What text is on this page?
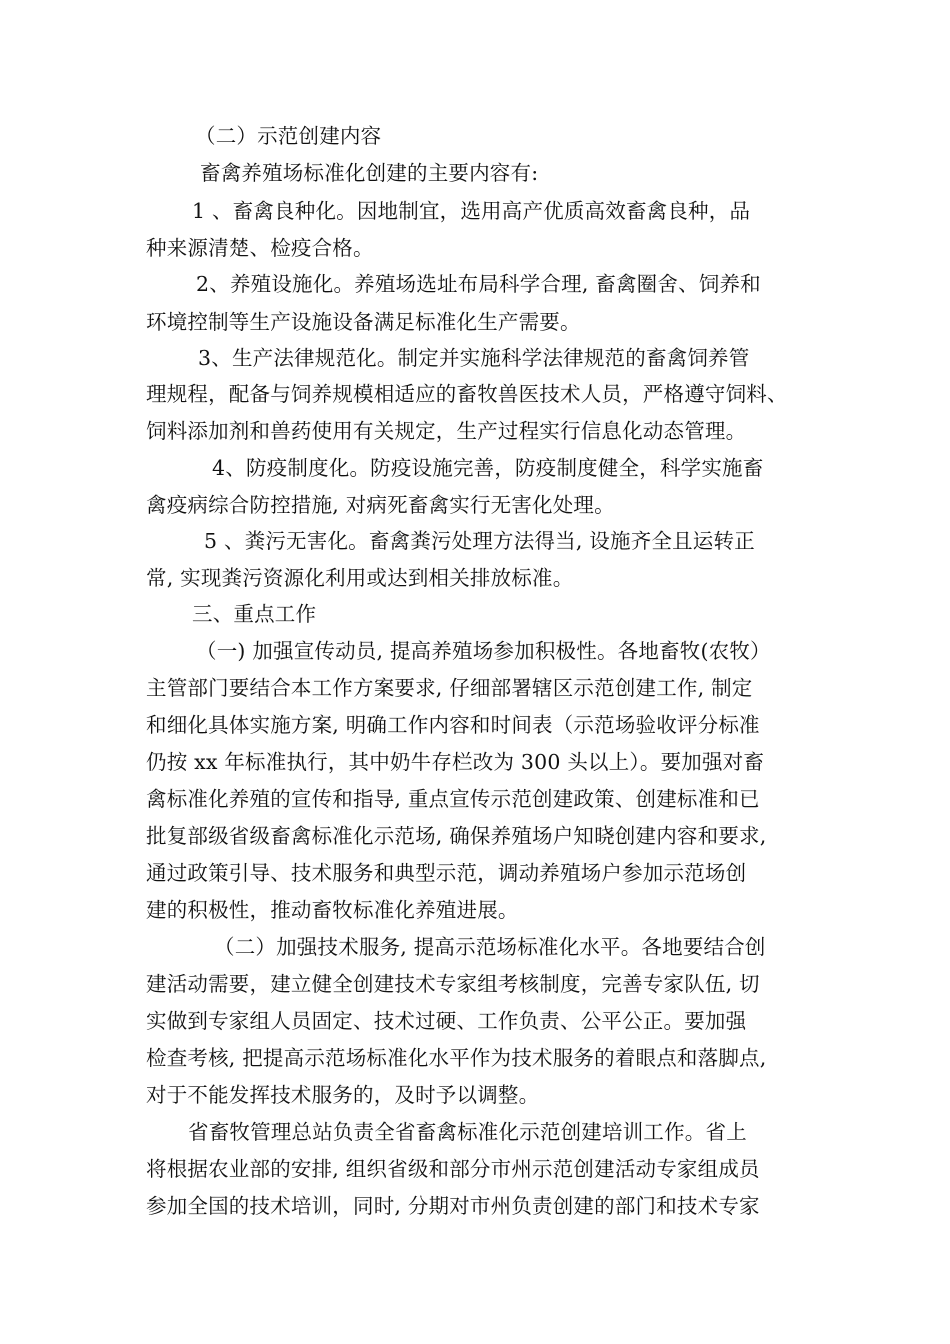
（二）示范创建内容
畜禽养殖场标准化创建的主要内容有:
1 、畜禽良种化。因地制宜，选用高产优质高效畜禽良种，品
种来源清楚、检疫合格。
2、养殖设施化。养殖场选址布局科学合理, 畜禽圈舍、饲养和
环境控制等生产设施设备满足标准化生产需要。
3、生产法律规范化。制定并实施科学法律规范的畜禽饲养管
理规程，配备与饲养规模相适应的畜牧兽医技术人员，严格遵守饲料、
饲料添加剂和兽药使用有关规定，生产过程实行信息化动态管理。
4、防疫制度化。防疫设施完善，防疫制度健全，科学实施畜
禽疫病综合防控措施, 对病死畜禽实行无害化处理。
5 、粪污无害化。畜禽粪污处理方法得当, 设施齐全且运转正
常, 实现粪污资源化利用或达到相关排放标准。
三、重点工作
（一) 加强宣传动员, 提高养殖场参加积极性。各地畜牧(农牧）
主管部门要结合本工作方案要求, 仔细部署辖区示范创建工作, 制定
和细化具体实施方案, 明确工作内容和时间表（示范场验收评分标准
仍按 xx 年标准执行，其中奶牛存栏改为 300 头以上）。要加强对畜
禽标准化养殖的宣传和指导, 重点宣传示范创建政策、创建标准和已
批复部级省级畜禽标准化示范场, 确保养殖场户知晓创建内容和要求,
通过政策引导、技术服务和典型示范，调动养殖场户参加示范场创
建的积极性，推动畜牧标准化养殖进展。
（二）加强技术服务, 提高示范场标准化水平。各地要结合创
建活动需要，建立健全创建技术专家组考核制度，完善专家队伍, 切
实做到专家组人员固定、技术过硬、工作负责、公平公正。要加强
检查考核, 把提高示范场标准化水平作为技术服务的着眼点和落脚点,
对于不能发挥技术服务的，及时予以调整。
省畜牧管理总站负责全省畜禽标准化示范创建培训工作。省上
将根据农业部的安排, 组织省级和部分市州示范创建活动专家组成员
参加全国的技术培训，同时, 分期对市州负责创建的部门和技术专家
